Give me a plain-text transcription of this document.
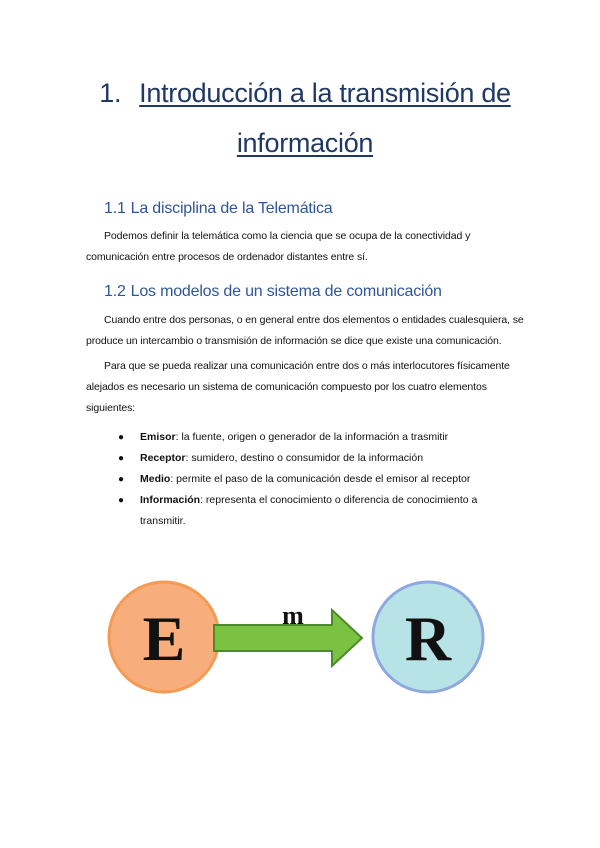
1. Introducción a la transmisión de
información
1.1 La disciplina de la Telemática
Podemos definir la telemática como la ciencia que se ocupa de la conectividad y comunicación entre procesos de ordenador distantes entre sí.
1.2 Los modelos de un sistema de comunicación
Cuando entre dos personas, o en general entre dos elementos o entidades cualesquiera, se produce un intercambio o transmisión de información se dice que existe una comunicación.
Para que se pueda realizar una comunicación entre dos o más interlocutores físicamente alejados es necesario un sistema de comunicación compuesto por los cuatro elementos siguientes:
● Emisor: la fuente, origen o generador de la información a trasmitir
● Receptor: sumidero, destino o consumidor de la información
● Medio: permite el paso de la comunicación desde el emisor al receptor
● Información: representa el conocimiento o diferencia de conocimiento a transmitir.
E	m R
